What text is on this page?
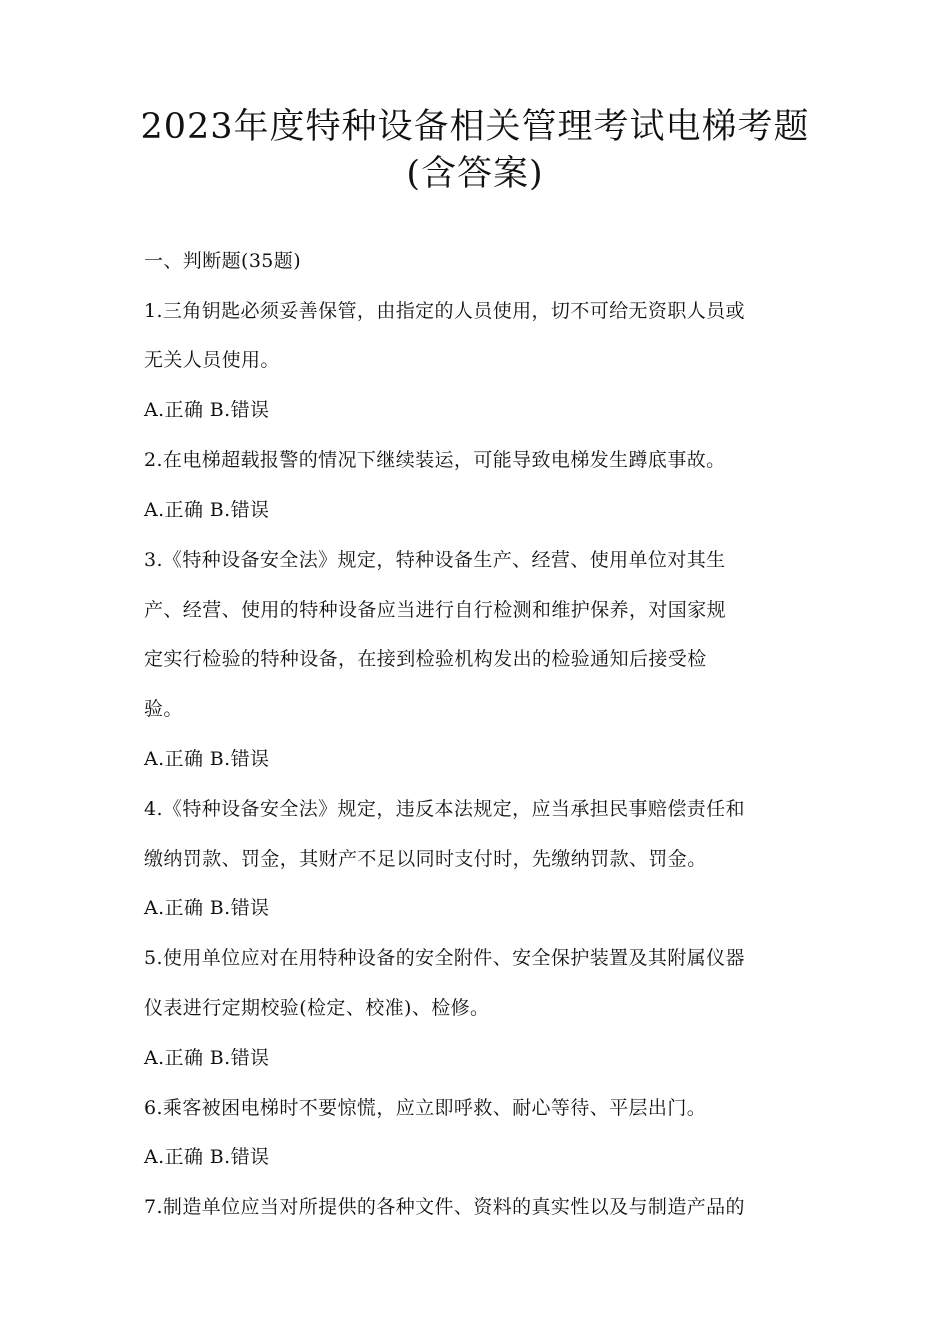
2023年度特种设备相关管理考试电梯考题
(含答案)
一、判断题(35题)
1.三角钥匙必须妥善保管，由指定的人员使用，切不可给无资职人员或
无关人员使用。
A.正确 B.错误
2.在电梯超载报警的情况下继续装运，可能导致电梯发生蹲底事故。
A.正确 B.错误
3.《特种设备安全法》规定，特种设备生产、经营、使用单位对其生
产、经营、使用的特种设备应当进行自行检测和维护保养，对国家规
定实行检验的特种设备，在接到检验机构发出的检验通知后接受检
验。
A.正确 B.错误
4.《特种设备安全法》规定，违反本法规定，应当承担民事赔偿责任和
缴纳罚款、罚金，其财产不足以同时支付时，先缴纳罚款、罚金。
A.正确 B.错误
5.使用单位应对在用特种设备的安全附件、安全保护装置及其附属仪器
仪表进行定期校验(检定、校准)、检修。
A.正确 B.错误
6.乘客被困电梯时不要惊慌，应立即呼救、耐心等待、平层出门。
A.正确 B.错误
7.制造单位应当对所提供的各种文件、资料的真实性以及与制造产品的
